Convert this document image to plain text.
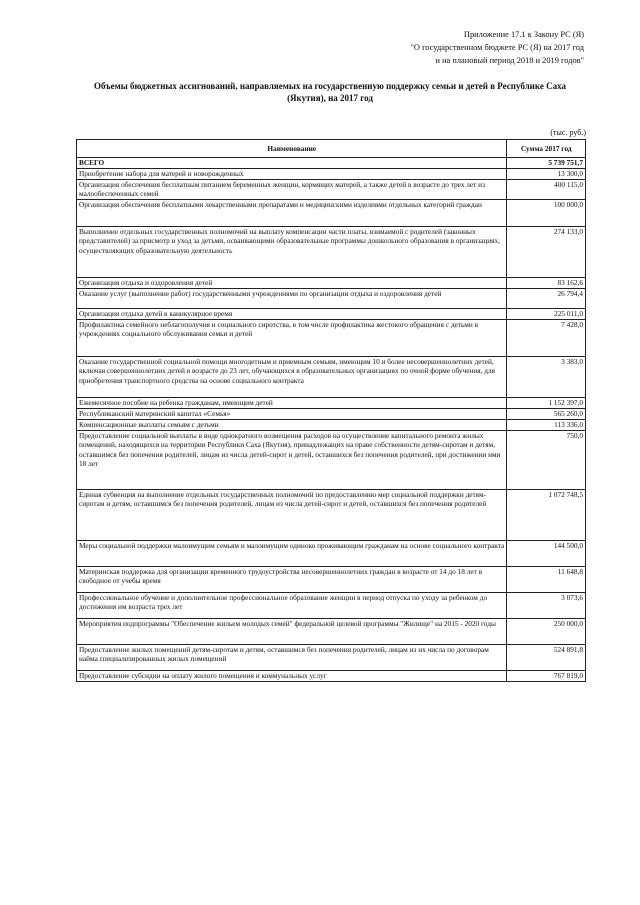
Приложение 17.1 к Закону РС (Я)
"О государственном бюджете РС (Я) на 2017 год
и на плановый период 2018 и 2019 годов"
Объемы бюджетных ассигнований, направляемых на государственную поддержку семьи и детей в Республике Саха (Якутия), на 2017 год
(тыс. руб.)
Наименование	Сумма 2017 год
ВСЕГО	5 739 751,7
Приобретение набора для матерей и новорожденных	13 300,0
Организация обеспечения бесплатным питанием беременных женщин, кормящих матерей, а также детей в возрасте до трех лет из малообеспеченных семей	400 115,0
Организация обеспечения бесплатными лекарственными препаратами и медицинскими изделиями отдельных категорий граждан	100 000,0
Выполнение отдельных государственных полномочий на выплату компенсации части платы, взимаемой с родителей (законных представителей) за присмотр и уход за детьми, осваивающими образовательные программы дошкольного образования в организациях, осуществляющих образовательную деятельность	274 133,0
Организация отдыха и оздоровления детей	83 162,6
Оказание услуг (выполнение работ) государственными учреждениями по организации отдыха и оздоровления детей	26 794,4
Организация отдыха детей в каникулярное время	225 011,0
Профилактика семейного неблагополучия и социального сиротства, в том числе профилактика жестокого обращения с детьми в учреждениях социального обслуживания семьи и детей	7 428,0
Оказание государственной социальной помощи многодетным и приемным семьям, имеющим 10 и более несовершеннолетних детей, включая совершеннолетних детей в возрасте до 23 лет, обучающихся в образовательных организациях по очной форме обучения, для приобретения транспортного средства на основе социального контракта	3 383,0
Ежемесячное пособие на ребенка гражданам, имеющим детей	1 152 397,0
Республиканский материнский капитал «Семья»	565 260,0
Компенсационные выплаты семьям с детьми	113 336,0
Предоставление социальной выплаты в виде однократного возмещения расходов на осуществление капитального ремонта жилых помещений, находящихся на территории Республики Саха (Якутия), принадлежащих на праве собственности детям-сиротам и детям, оставшимся без попечения родителей, лицам из числа детей-сирот и детей, оставшихся без попечения родителей, при достижении ими 18 лет	750,0
Единая субвенция на выполнение отдельных государственных полномочий по предоставлению мер социальной поддержки детям-сиротам и детям, оставшимся без попечения родителей, лицам из числа детей-сирот и детей, оставшихся без попечения родителей	1 072 748,5
Меры социальной поддержки малоимущим семьям и малоимущим одиноко проживающим гражданам на основе социального контракта	144 500,0
Материнская поддержка для организации временного трудоустройства несовершеннолетних граждан в возрасте от 14 до 18 лет в свободное от учебы время	11 648,8
Профессиональное обучение и дополнительное профессиональное образование женщин в период отпуска по уходу за ребенком до достижения им возраста трех лет	3 073,6
Мероприятия подпрограммы "Обеспечение жильем молодых семей" федеральной целевой программы "Жилище" на 2015 - 2020 годы	250 000,0
Предоставление жилых помещений детям-сиротам и детям, оставшимся без попечения родителей, лицам из их числа по договорам найма специализированных жилых помещений	524 891,8
Предоставление субсидии на оплату жилого помещения и коммунальных услуг	767 819,0
